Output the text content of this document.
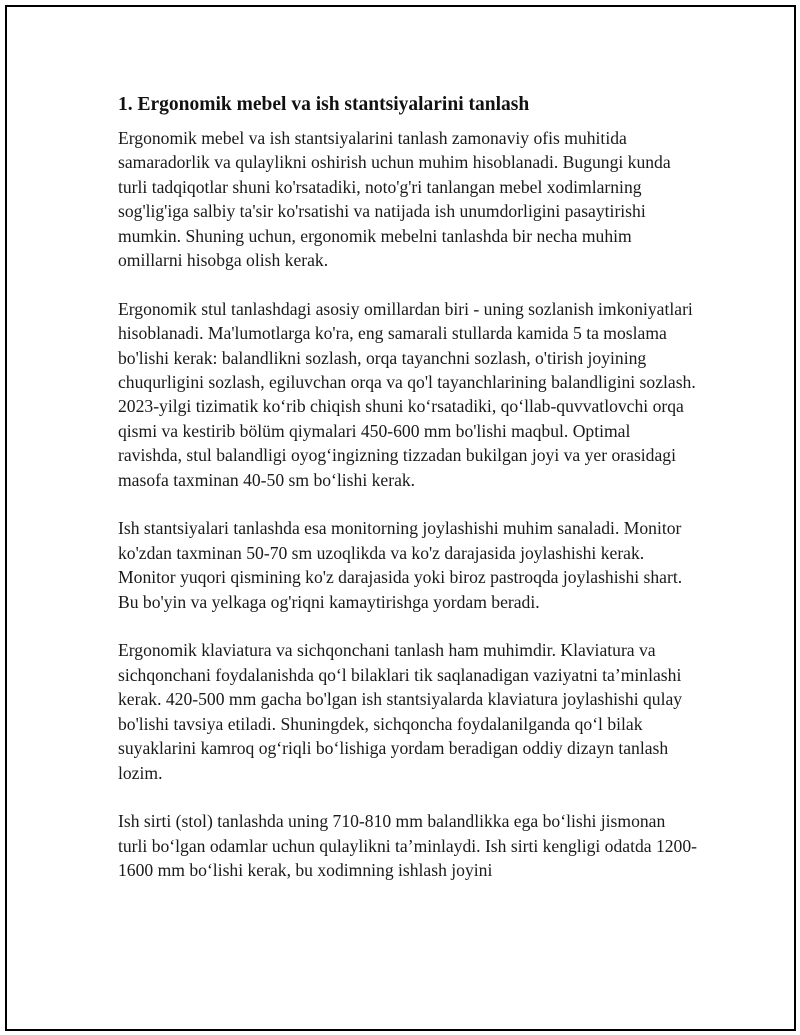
1. Ergonomik mebel va ish stantsiyalarini tanlash

Ergonomik mebel va ish stantsiyalarini tanlash zamonaviy ofis muhitida samaradorlik va qulaylikni oshirish uchun muhim hisoblanadi. Bugungi kunda turli tadqiqotlar shuni ko'rsatadiki, noto'g'ri tanlangan mebel xodimlarning sog'lig'iga salbiy ta'sir ko'rsatishi va natijada ish unumdorligini pasaytirishi mumkin. Shuning uchun, ergonomik mebelni tanlashda bir necha muhim omillarni hisobga olish kerak.

Ergonomik stul tanlashdagi asosiy omillardan biri - uning sozlanish imkoniyatlari hisoblanadi. Ma'lumotlarga ko'ra, eng samarali stullarda kamida 5 ta moslama bo'lishi kerak: balandlikni sozlash, orqa tayanchni sozlash, o'tirish joyining chuqurligini sozlash, egiluvchan orqa va qo'l tayanchlarining balandligini sozlash. 2023-yilgi tizimatik ko‘rib chiqish shuni ko‘rsatadiki, qo‘llab-quvvatlovchi orqa qismi va kestirib bölüm qiymalari 450-600 mm bo'lishi maqbul. Optimal ravishda, stul balandligi oyog‘ingizning tizzadan bukilgan joyi va yer orasidagi masofa taxminan 40-50 sm bo‘lishi kerak.

Ish stantsiyalari tanlashda esa monitorning joylashishi muhim sanaladi. Monitor ko'zdan taxminan 50-70 sm uzoqlikda va ko'z darajasida joylashishi kerak. Monitor yuqori qismining ko'z darajasida yoki biroz pastroqda joylashishi shart. Bu bo'yin va yelkaga og'riqni kamaytirishga yordam beradi.

Ergonomik klaviatura va sichqonchani tanlash ham muhimdir. Klaviatura va sichqonchani foydalanishda qo‘l bilaklari tik saqlanadigan vaziyatni ta’minlashi kerak. 420-500 mm gacha bo'lgan ish stantsiyalarda klaviatura joylashishi qulay bo'lishi tavsiya etiladi. Shuningdek, sichqoncha foydalanilganda qo‘l bilak suyaklarini kamroq og‘riqli bo‘lishiga yordam beradigan oddiy dizayn tanlash lozim.

Ish sirti (stol) tanlashda uning 710-810 mm balandlikka ega bo‘lishi jismonan turli bo‘lgan odamlar uchun qulaylikni ta’minlaydi. Ish sirti kengligi odatda 1200-1600 mm bo‘lishi kerak, bu xodimning ishlash joyini
